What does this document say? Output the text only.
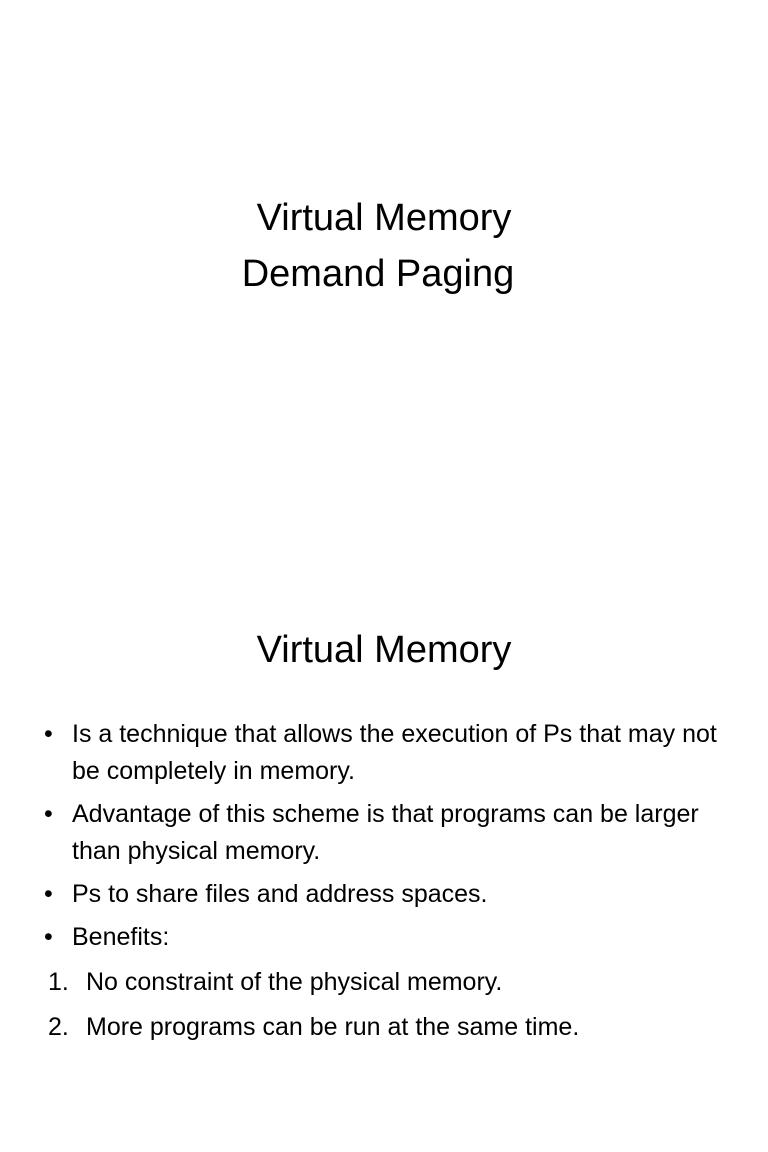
Virtual Memory
Demand Paging
Virtual Memory
• Is a technique that allows the execution of Ps that may not be completely in memory.
• Advantage of this scheme is that programs can be larger than physical memory.
• Ps to share files and address spaces.
• Benefits:
1. No constraint of the physical memory.
2. More programs can be run at the same time.
